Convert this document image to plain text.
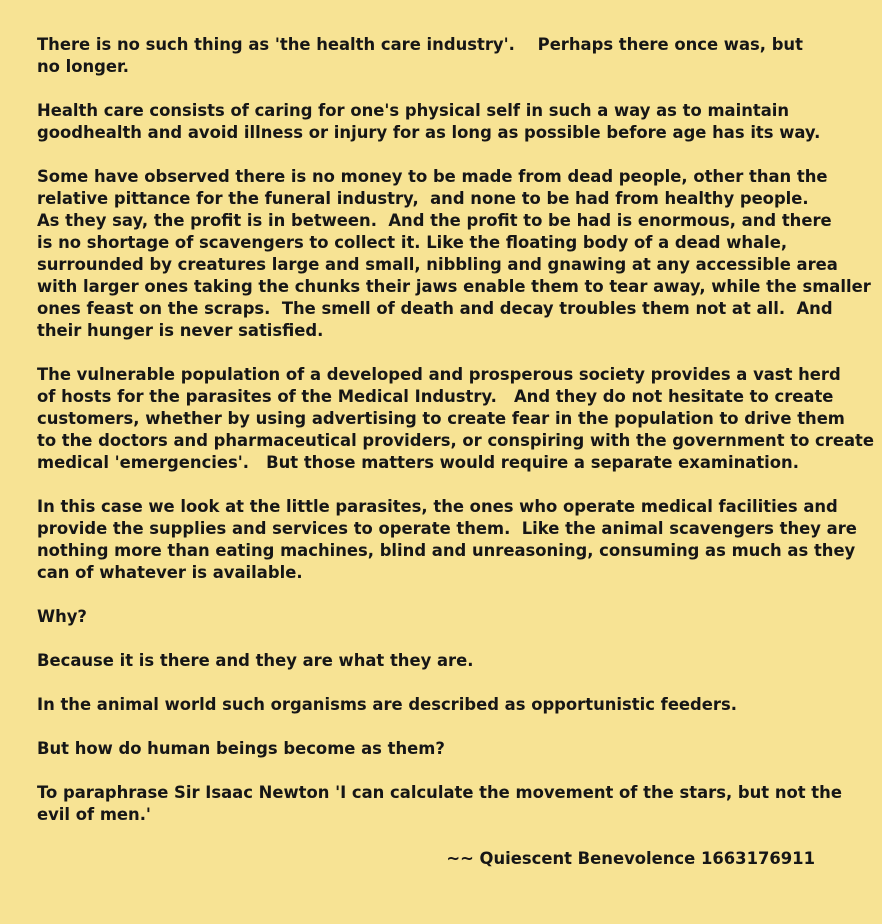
There is no such thing as 'the health care industry'.    Perhaps there once was, but
no longer.

Health care consists of caring for one's physical self in such a way as to maintain
goodhealth and avoid illness or injury for as long as possible before age has its way.

Some have observed there is no money to be made from dead people, other than the
relative pittance for the funeral industry,  and none to be had from healthy people.
As they say, the profit is in between.  And the profit to be had is enormous, and there
is no shortage of scavengers to collect it. Like the floating body of a dead whale,
surrounded by creatures large and small, nibbling and gnawing at any accessible area
with larger ones taking the chunks their jaws enable them to tear away, while the smaller
ones feast on the scraps.  The smell of death and decay troubles them not at all.  And
their hunger is never satisfied.

The vulnerable population of a developed and prosperous society provides a vast herd
of hosts for the parasites of the Medical Industry.   And they do not hesitate to create
customers, whether by using advertising to create fear in the population to drive them
to the doctors and pharmaceutical providers, or conspiring with the government to create
medical 'emergencies'.   But those matters would require a separate examination.

In this case we look at the little parasites, the ones who operate medical facilities and
provide the supplies and services to operate them.  Like the animal scavengers they are
nothing more than eating machines, blind and unreasoning, consuming as much as they
can of whatever is available.

Why?

Because it is there and they are what they are.

In the animal world such organisms are described as opportunistic feeders.

But how do human beings become as them?

To paraphrase Sir Isaac Newton 'I can calculate the movement of the stars, but not the
evil of men.'

~~ Quiescent Benevolence 1663176911
